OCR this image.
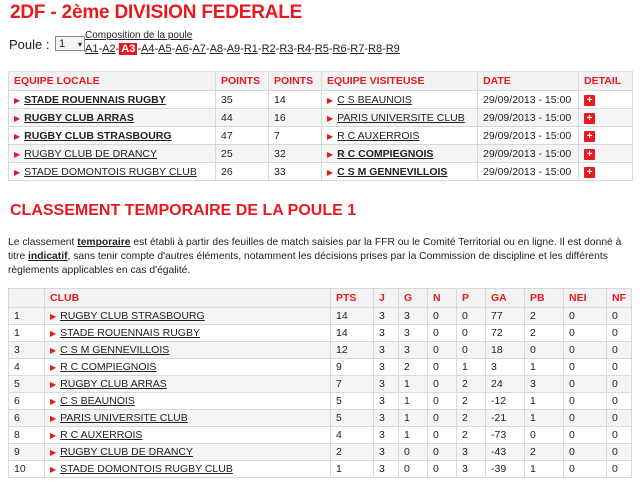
2DF - 2ème DIVISION FEDERALE
Poule : 1 ▾
Composition de la poule
A1-A2- A3 -A4-A5-A6-A7-A8-A9-R1-R2-R3-R4-R5-R6-R7-R8-R9
EQUIPE LOCALE	POINTS	POINTS	EQUIPE VISITEUSE	DATE	DETAIL
▶ STADE ROUENNAIS RUGBY	35	14	▶ C S BEAUNOIS	29/09/2013 - 15:00	+
▶ RUGBY CLUB ARRAS	44	16	▶ PARIS UNIVERSITE CLUB	29/09/2013 - 15:00	+
▶ RUGBY CLUB STRASBOURG	47	7	▶ R C AUXERROIS	29/09/2013 - 15:00	+
▶ RUGBY CLUB DE DRANCY	25	32	▶ R C COMPIEGNOIS	29/09/2013 - 15:00	+
▶ STADE DOMONTOIS RUGBY CLUB	26	33	▶ C S M GENNEVILLOIS	29/09/2013 - 15:00	+
CLASSEMENT TEMPORAIRE DE LA POULE 1

Le classement temporaire est établi à partir des feuilles de match saisies par la FFR ou le Comité Territorial ou en ligne. Il est donné à titre indicatif, sans tenir compte d'autres éléments, notamment les décisions prises par la Commission de discipline et les différents règlements applicables en cas d'égalité.

	CLUB	PTS	J	G	N	P	GA	PB	NEI	NF
1	▶ RUGBY CLUB STRASBOURG	14	3	3	0	0	77	2	0	0
1	▶ STADE ROUENNAIS RUGBY	14	3	3	0	0	72	2	0	0
3	▶ C S M GENNEVILLOIS	12	3	3	0	0	18	0	0	0
4	▶ R C COMPIEGNOIS	9	3	2	0	1	3	1	0	0
5	▶ RUGBY CLUB ARRAS	7	3	1	0	2	24	3	0	0
6	▶ C S BEAUNOIS	5	3	1	0	2	-12	1	0	0
6	▶ PARIS UNIVERSITE CLUB	5	3	1	0	2	-21	1	0	0
8	▶ R C AUXERROIS	4	3	1	0	2	-73	0	0	0
9	▶ RUGBY CLUB DE DRANCY	2	3	0	0	3	-43	2	0	0
10	▶ STADE DOMONTOIS RUGBY CLUB	1	3	0	0	3	-39	1	0	0
